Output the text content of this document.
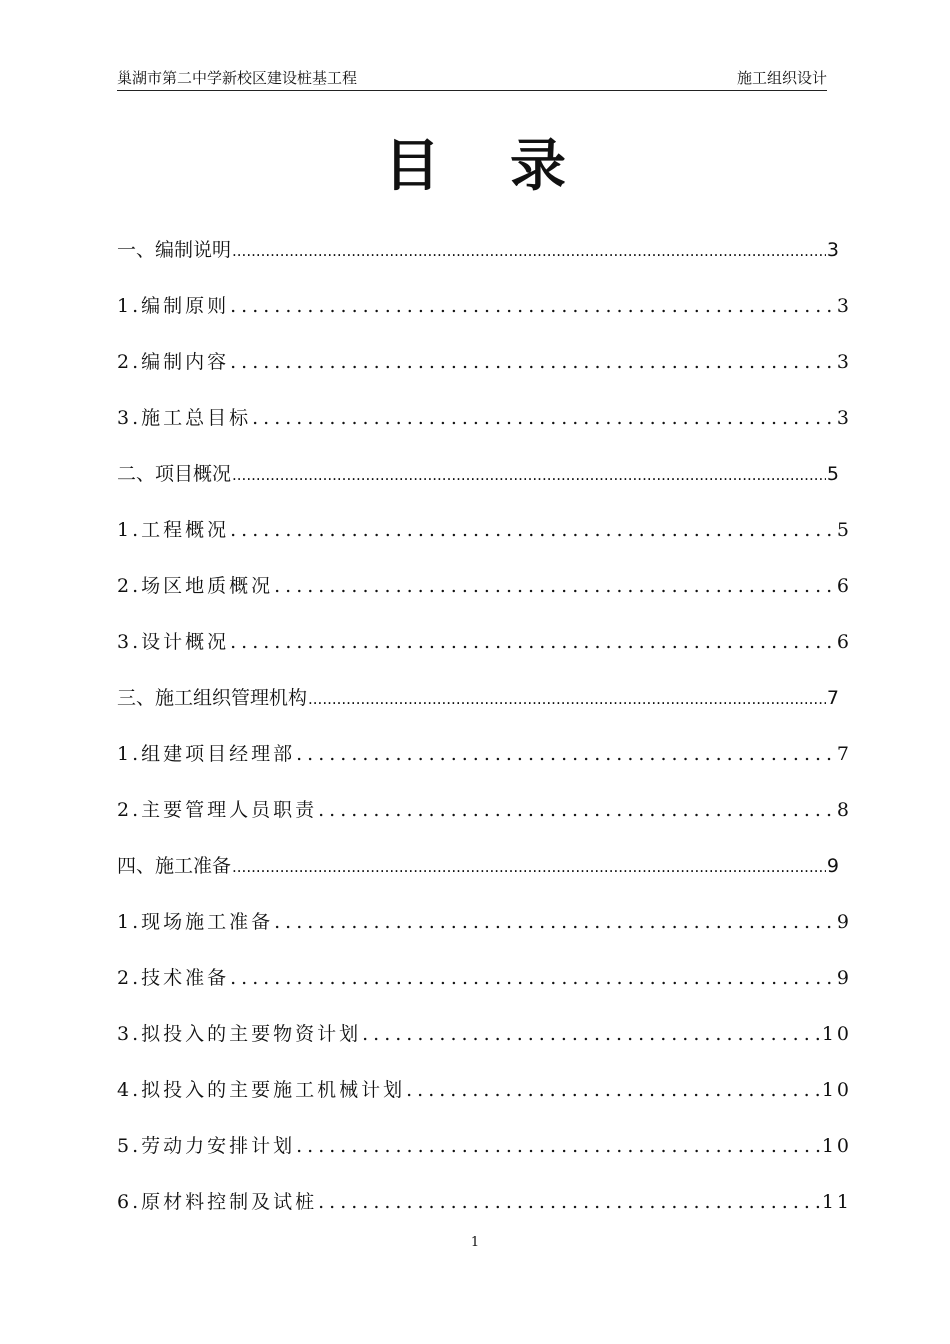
巢湖市第二中学新校区建设桩基工程	施工组织设计
目录
一、编制说明 .....	3
1.编制原则 .....	3
2.编制内容 .....	3
3.施工总目标 .....	3
二、项目概况 .....	5
1.工程概况 .....	5
2.场区地质概况 .....	6
3.设计概况 .....	6
三、施工组织管理机构 .....	7
1.组建项目经理部 .....	7
2.主要管理人员职责 .....	8
四、施工准备 .....	9
1.现场施工准备 .....	9
2.技术准备 .....	9
3.拟投入的主要物资计划 .....	10
4.拟投入的主要施工机械计划 .....	10
5.劳动力安排计划 .....	10
6.原材料控制及试桩 .....	11
1
